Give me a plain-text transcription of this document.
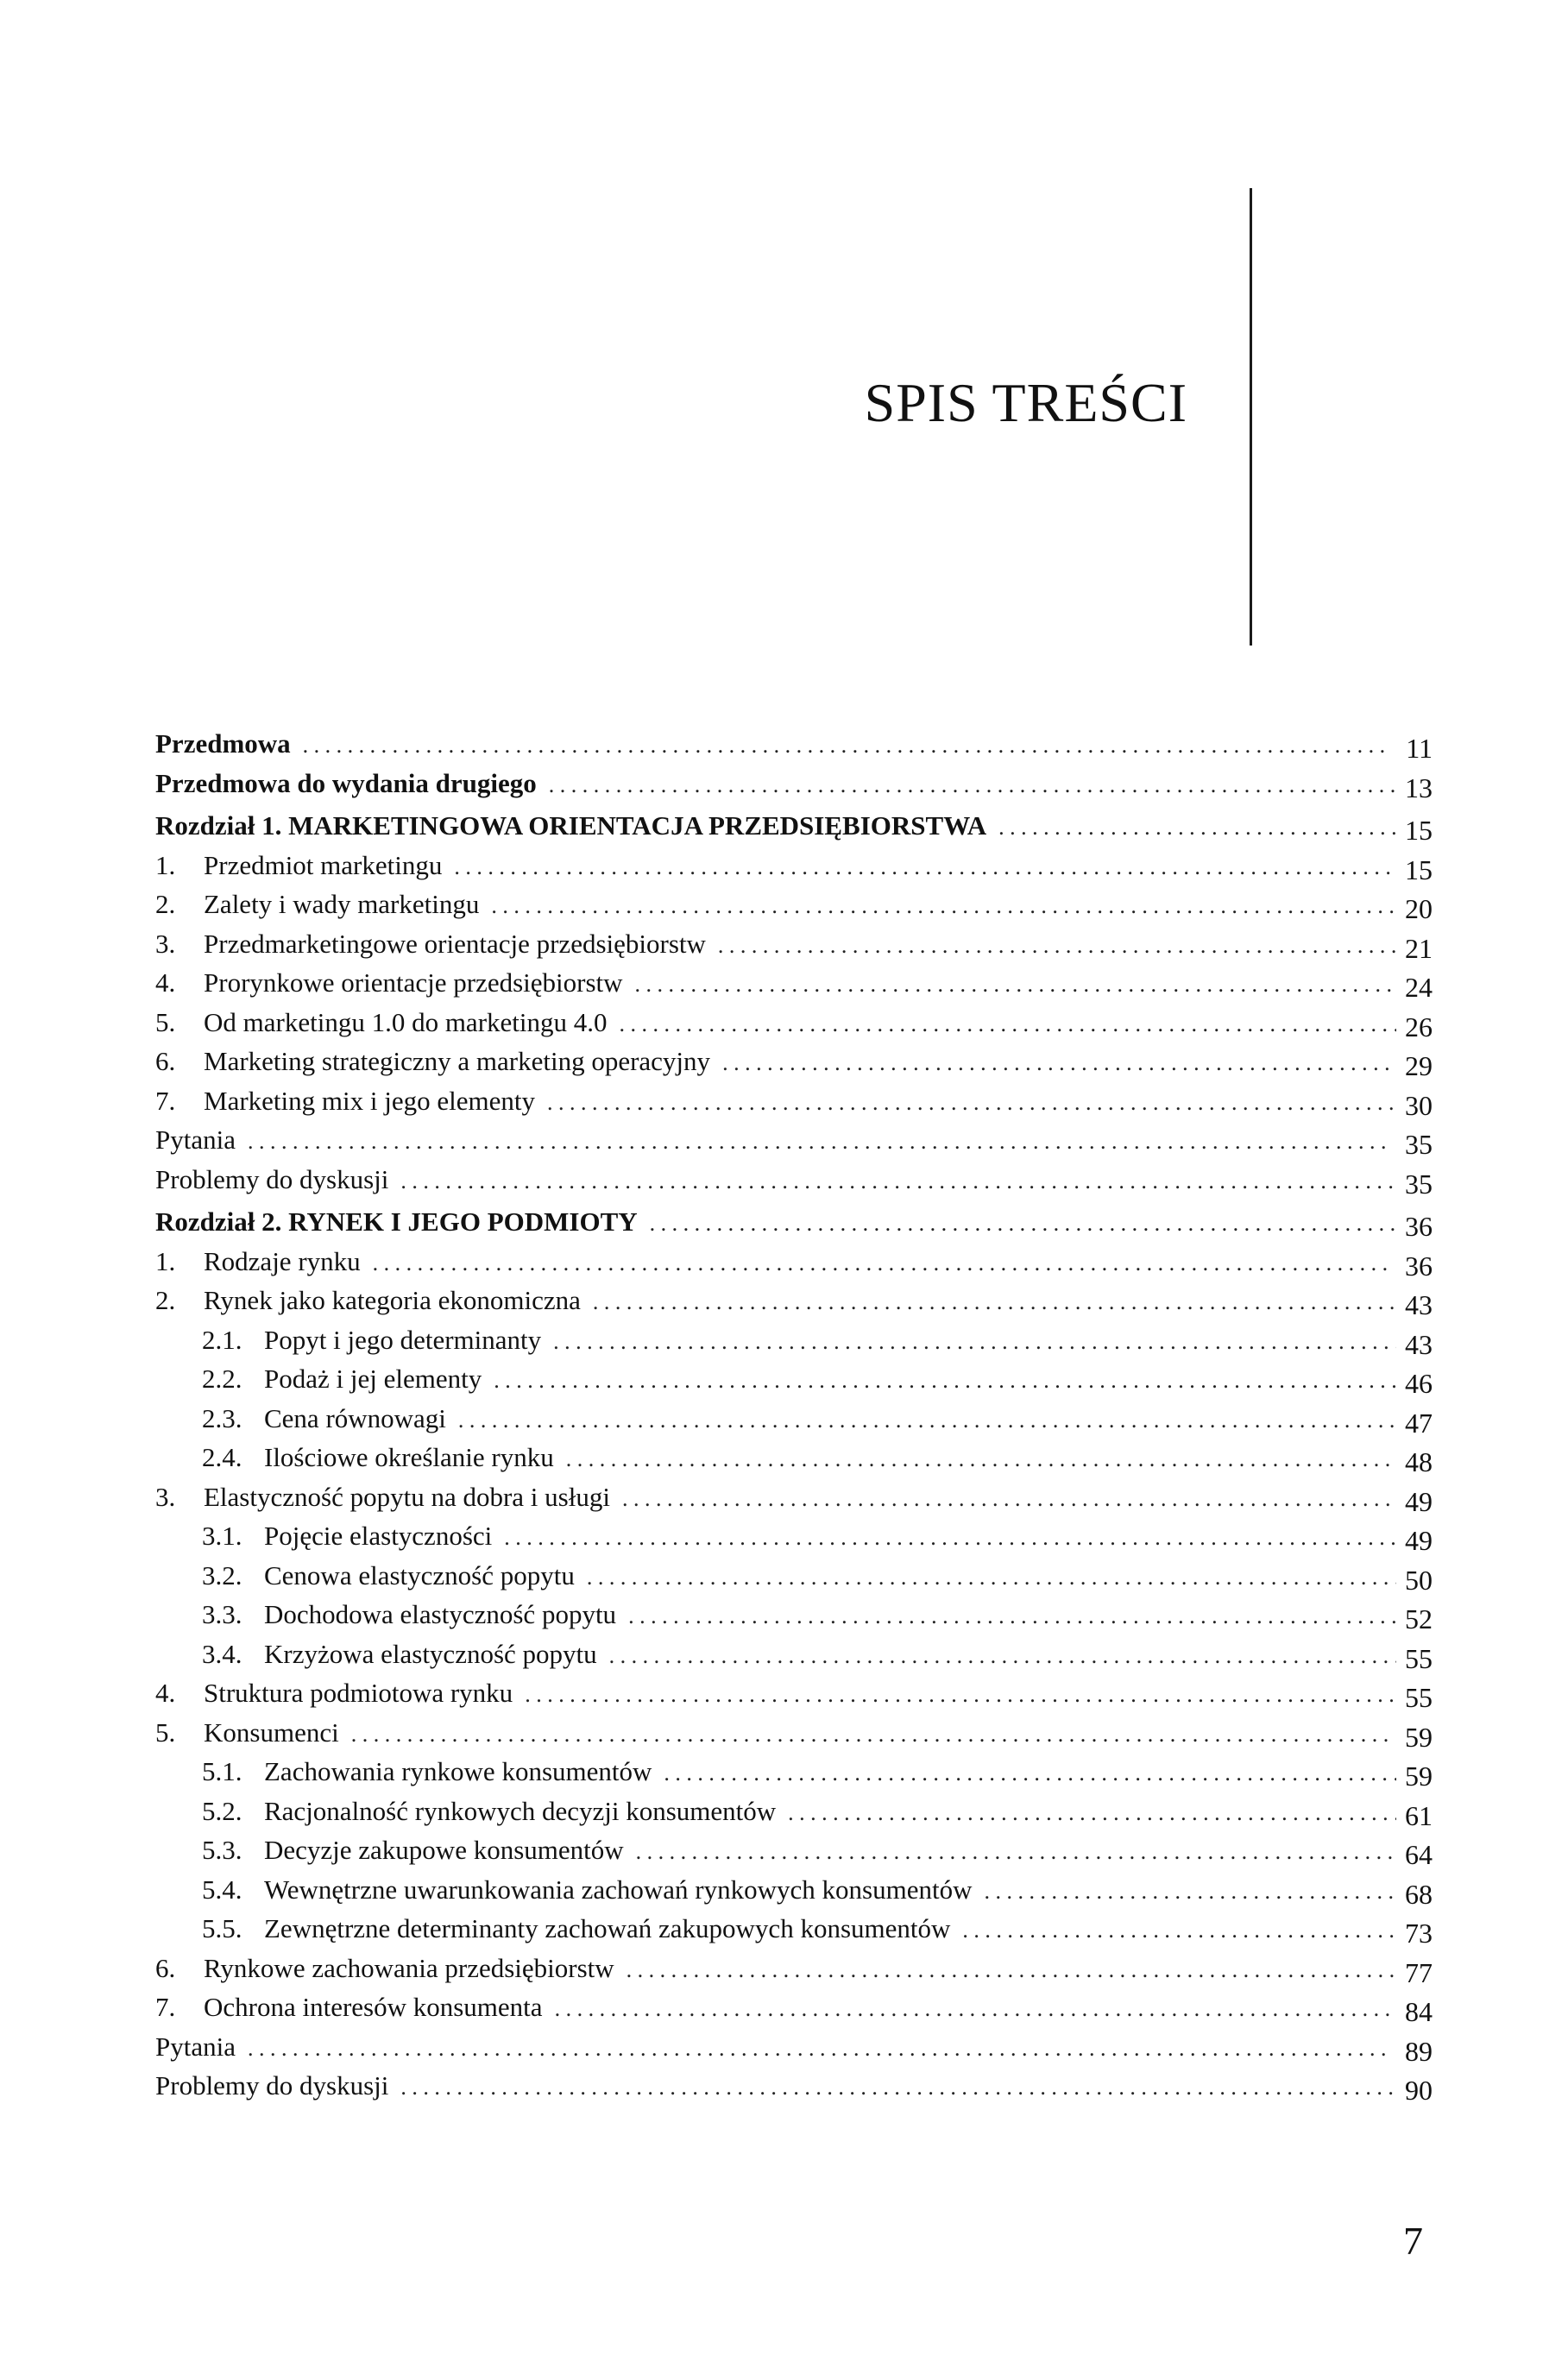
SPIS TREŚCI
Przedmowa . . .	11
Przedmowa do wydania drugiego . . .	13
Rozdział 1. MARKETINGOWA ORIENTACJA PRZEDSIĘBIORSTWA . . .	15
1.	Przedmiot marketingu . . .	15
2.	Zalety i wady marketingu . . .	20
3.	Przedmarketingowe orientacje przedsiębiorstw . . .	21
4.	Prorynkowe orientacje przedsiębiorstw . . .	24
5.	Od marketingu 1.0 do marketingu 4.0 . . .	26
6.	Marketing strategiczny a marketing operacyjny . . .	29
7.	Marketing mix i jego elementy . . .	30
Pytania . . .	35
Problemy do dyskusji . . .	35
Rozdział 2. RYNEK I JEGO PODMIOTY . . .	36
1.	Rodzaje rynku . . .	36
2.	Rynek jako kategoria ekonomiczna . . .	43
2.1. Popyt i jego determinanty . . .	43
2.2. Podaż i jej elementy . . .	46
2.3. Cena równowagi . . .	47
2.4. Ilościowe określanie rynku . . .	48
3.	Elastyczność popytu na dobra i usługi . . .	49
3.1. Pojęcie elastyczności . . .	49
3.2. Cenowa elastyczność popytu . . .	50
3.3. Dochodowa elastyczność popytu . . .	52
3.4. Krzyżowa elastyczność popytu . . .	55
4.	Struktura podmiotowa rynku . . .	55
5.	Konsumenci . . .	59
5.1. Zachowania rynkowe konsumentów . . .	59
5.2. Racjonalność rynkowych decyzji konsumentów . . .	61
5.3. Decyzje zakupowe konsumentów . . .	64
5.4. Wewnętrzne uwarunkowania zachowań rynkowych konsumentów . . .	68
5.5. Zewnętrzne determinanty zachowań zakupowych konsumentów . . .	73
6.	Rynkowe zachowania przedsiębiorstw . . .	77
7.	Ochrona interesów konsumenta . . .	84
Pytania . . .	89
Problemy do dyskusji . . .	90
7
